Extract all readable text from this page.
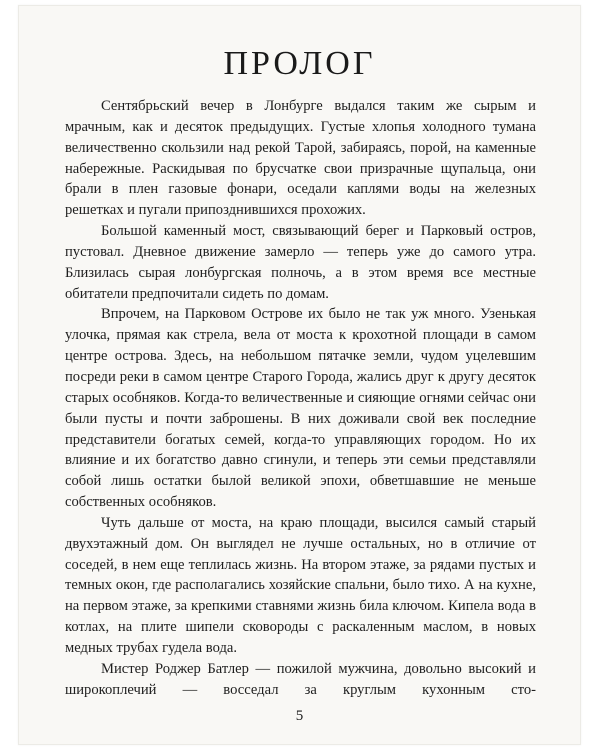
ПРОЛОГ

Сентябрьский вечер в Лонбурге выдался таким же сырым и мрачным, как и десяток предыдущих. Густые хлопья холодного тумана величественно скользили над рекой Тарой, забираясь, порой, на каменные набережные. Раскидывая по брусчатке свои призрачные щупальца, они брали в плен газовые фонари, оседали каплями воды на железных решетках и пугали припозднившихся прохожих.

Большой каменный мост, связывающий берег и Парковый остров, пустовал. Дневное движение замерло — теперь уже до самого утра. Близилась сырая лонбургская полночь, а в этом время все местные обитатели предпочитали сидеть по домам.

Впрочем, на Парковом Острове их было не так уж много. Узенькая улочка, прямая как стрела, вела от моста к крохотной площади в самом центре острова. Здесь, на небольшом пятачке земли, чудом уцелевшим посреди реки в самом центре Старого Города, жались друг к другу десяток старых особняков. Когда-то величественные и сияющие огнями сейчас они были пусты и почти заброшены. В них доживали свой век последние представители богатых семей, когда-то управляющих городом. Но их влияние и их богатство давно сгинули, и теперь эти семьи представляли собой лишь остатки былой великой эпохи, обветшавшие не меньше собственных особняков.

Чуть дальше от моста, на краю площади, высился самый старый двухэтажный дом. Он выглядел не лучше остальных, но в отличие от соседей, в нем еще теплилась жизнь. На втором этаже, за рядами пустых и темных окон, где располагались хозяйские спальни, было тихо. А на кухне, на первом этаже, за крепкими ставнями жизнь била ключом. Кипела вода в котлах, на плите шипели сковороды с раскаленным маслом, в новых медных трубах гудела вода.

Мистер Роджер Батлер — пожилой мужчина, довольно высокий и широкоплечий — восседал за круглым кухонным сто-

5
